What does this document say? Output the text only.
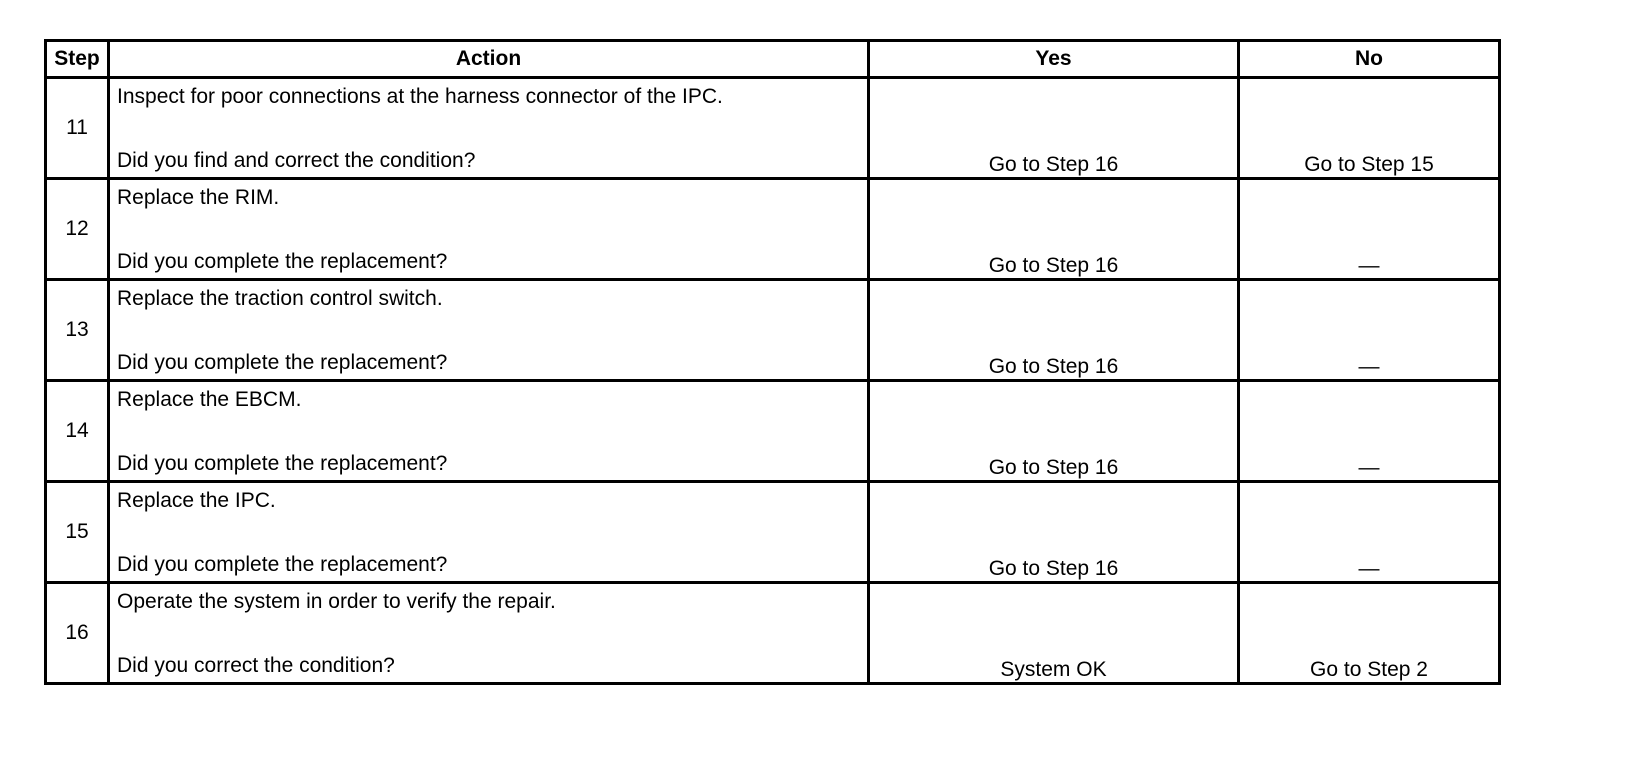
Step	Action	Yes	No
11	Inspect for poor connections at the harness connector of the IPC.
Did you find and correct the condition?	Go to Step 16	Go to Step 15
12	Replace the RIM.
Did you complete the replacement?	Go to Step 16	—
13	Replace the traction control switch.
Did you complete the replacement?	Go to Step 16	—
14	Replace the EBCM.
Did you complete the replacement?	Go to Step 16	—
15	Replace the IPC.
Did you complete the replacement?	Go to Step 16	—
16	Operate the system in order to verify the repair.
Did you correct the condition?	System OK	Go to Step 2
